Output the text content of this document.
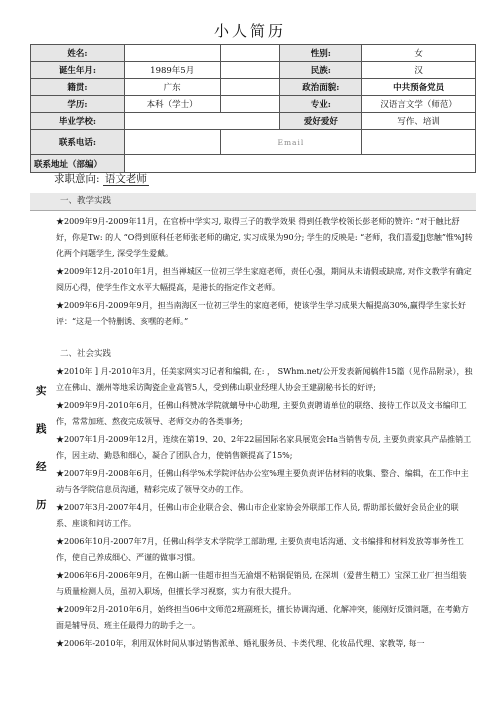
小人简历
姓名:			性别:	女
诞生年月:	1989年5月		民族:	汉
籍贯:	广东		政治面貌:	中共预备党员
学历:	本科（学士）		专业:	汉语言文学（师范）
毕业学校:			爱好爱好	写作、培训
联系电话:		Email		
联系地址（部编）				
求职意向: 语文老师
一、教学实践

★2009年9月-2009年11月，在官桥中学实习, 取得三子的教学效果 得到任教学校领长彭老师的赞许: “对于触比舒好，你是Tw: 的人 “O得到原科任老师张老师的确定, 实习成果为90分; 学生的反映是: “老师，我们喜爱Jj您触”惟%J转化两个问题学生, 深受学生爱戴。

★2009年12月-2010年1月，担当禅城区一位初三学生家庭老师，责任心强，期间从未请假或缺席, 对作文教学有确定阅历心得，使学生作文水平大幅提高，是港长的指定作文老师。

★2009年6月-2009年9月，担当南海区一位初三学生的家庭老师，使该学生学习成果大幅提高30%,赢得学生家长好评：“这是一个特删诱、亥嘿的老师。”

二、社会实践
实
践
经
历

★2010年 ] 月-2010年3月，任美家网实习记者和编辑, 在: ， SWhm.net/公开发表新闻稿件15篇（见作品附录），独立在佛山、潮州等地采访陶瓷企业高管5人，受到佛山职业经理人协会王建副秘书长的好评;

★2009年9月-2010年6月，任佛山科赞冰学院就螭导中心助理, 主要负责聘请单位的联络、接待工作以及文书编印工作，常常加班、熬夜完成领导、老师交办的各类事务;

★2007年1月-2009年12月，连续在第19、20、2年22届国际名家具展览会Ha当销售专员, 主要负责家具产品推销工作，因主动、勤恳和细心，凝合了团队合力，使销售额提高了15%;

★2007年9月-2008年6月，任佛山科学%术学院评估办公室%理主要负责评估材料的收集、整合、编辑，在工作中主动与各学院信息员沟通，精彩完成了领导交办的工作。

★2007年3月-2007年4月，任佛山市企业联合会、佛山市企业家协会外联部工作人员, 帮助部长做好会员企业的联系、座谈和问访工作。

★2006年10月-2007年7月，任佛山科学支术学院学工部助理, 主要负责电话沟通、文书编排和材料发放等事务性工作，使自己养成细心、严谨的做事习惯。

★2006年6月-2006年9月，在佛山新一佳超市担当无渝烟不粘锅促销员, 在深圳（爱普生精工）宝深工业厂担当组装与质量检测人员，虽初入职场，但擅长学习视察，实力有很大提升。

★2009年2月-2010年6月，始终担当06中文师范2班副班长，擅长协调沟通、化解冲突，能刚好反馈问题，在考勤方面是辅导员、班主任最得力的助手之一。

★2006年-2010年，利用双休时间从事过销售派单、婚礼服务员、卡类代理、化妆品代理、家教等, 每一
